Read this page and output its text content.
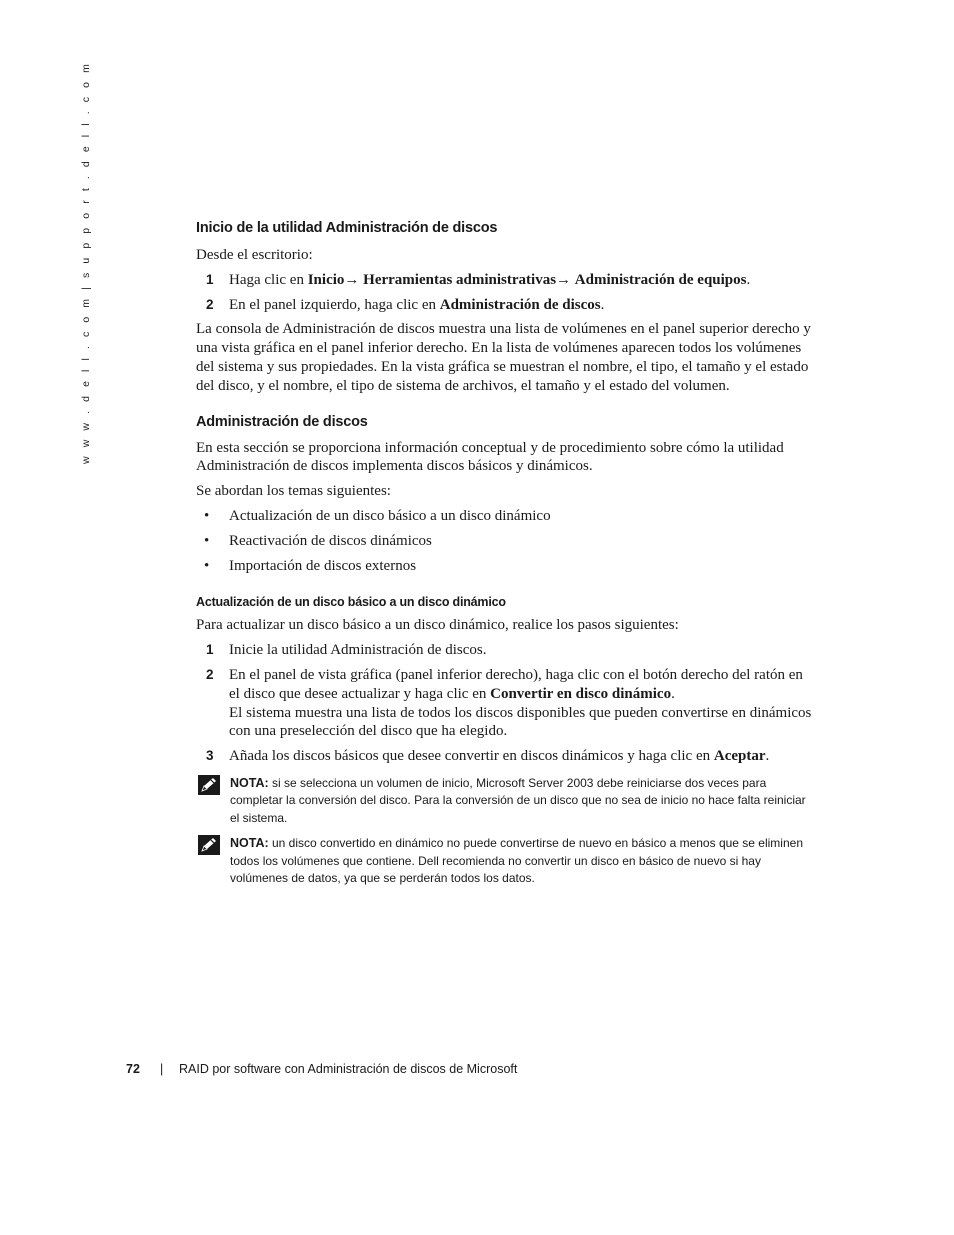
w w w . d e l l . c o m | s u p p o r t . d e l l . c o m	Inicio de la utilidad Administración de discos

Desde el escritorio:

1 Haga clic en Inicio→ Herramientas administrativas→ Administración de equipos.
2 En el panel izquierdo, haga clic en Administración de discos.

La consola de Administración de discos muestra una lista de volúmenes en el panel superior derecho y una vista gráfica en el panel inferior derecho. En la lista de volúmenes aparecen todos los volúmenes del sistema y sus propiedades. En la vista gráfica se muestran el nombre, el tipo, el tamaño y el estado del disco, y el nombre, el tipo de sistema de archivos, el tamaño y el estado del volumen.

Administración de discos

En esta sección se proporciona información conceptual y de procedimiento sobre cómo la utilidad Administración de discos implementa discos básicos y dinámicos.

Se abordan los temas siguientes:

• Actualización de un disco básico a un disco dinámico
• Reactivación de discos dinámicos
• Importación de discos externos
Actualización de un disco básico a un disco dinámico

Para actualizar un disco básico a un disco dinámico, realice los pasos siguientes:

1 Inicie la utilidad Administración de discos.
2 En el panel de vista gráfica (panel inferior derecho), haga clic con el botón derecho del ratón en el disco que desee actualizar y haga clic en Convertir en disco dinámico.
El sistema muestra una lista de todos los discos disponibles que pueden convertirse en dinámicos con una preselección del disco que ha elegido.
3 Añada los discos básicos que desee convertir en discos dinámicos y haga clic en Aceptar.
NOTA: si se selecciona un volumen de inicio, Microsoft Server 2003 debe reiniciarse dos veces para completar la conversión del disco. Para la conversión de un disco que no sea de inicio no hace falta reiniciar el sistema.
NOTA: un disco convertido en dinámico no puede convertirse de nuevo en básico a menos que se eliminen todos los volúmenes que contiene. Dell recomienda no convertir un disco en básico de nuevo si hay volúmenes de datos, ya que se perderán todos los datos.
72 | RAID por software con Administración de discos de Microsoft
